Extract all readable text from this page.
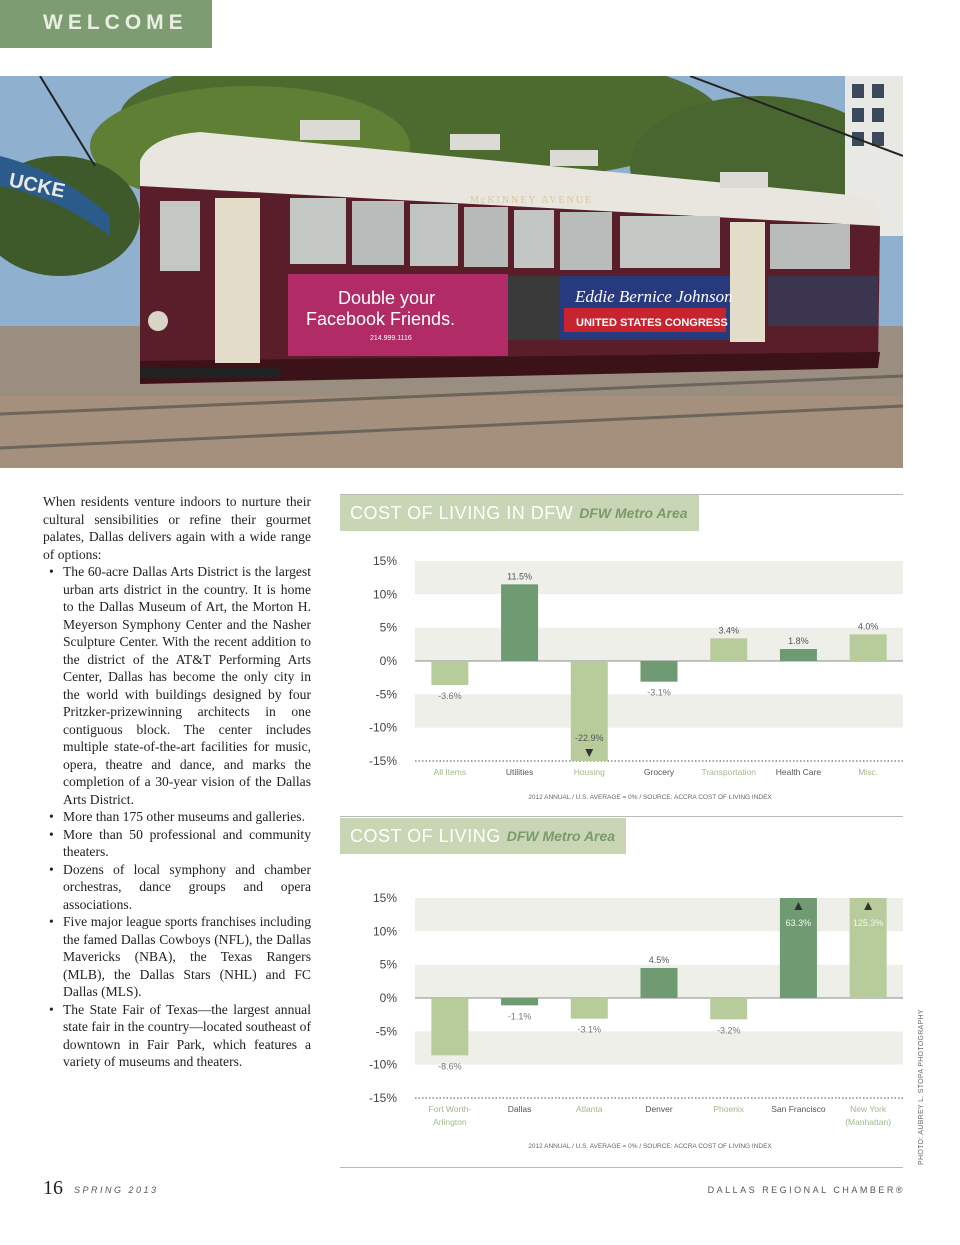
WELCOME
UCKE	McKINNEY AVENUE
Double your
Facebook Friends.
214.999.1116
Eddie Bernice Johnson
UNITED STATES CONGRESS

When residents venture indoors to nurture their cultural sensibilities or refine their gourmet palates, Dallas delivers again with a wide range of options:

• The 60-acre Dallas Arts District is the largest urban arts district in the country. It is home to the Dallas Museum of Art, the Morton H. Meyerson Symphony Center and the Nasher Sculpture Center. With the recent addition to the district of the AT&T Performing Arts Center, Dallas has become the only city in the world with buildings designed by four Pritzker-prizewinning architects in one contiguous block. The center includes multiple state-of-the-art facilities for music, opera, theatre and dance, and marks the completion of a 30-year vision of the Dallas Arts District.
• More than 175 other museums and galleries.
• More than 50 professional and community theaters.
• Dozens of local symphony and chamber orchestras, dance groups and opera associations.
• Five major league sports franchises including the famed Dallas Cowboys (NFL), the Dallas Mavericks (NBA), the Texas Rangers (MLB), the Dallas Stars (NHL) and FC Dallas (MLS).
• The State Fair of Texas—the largest annual state fair in the country—located southeast of downtown in Fair Park, which features a variety of museums and theaters.
COST OF LIVING IN DFW DFW Metro Area
15%
10%
5%
0%
-5%
-10%
-15%
-3.6%
All Items
11.5%
Utilities
-22.9%
Housing
-3.1%
Grocery
3.4%
Transportation
1.8%
Health Care
4.0%
Misc.
2012 ANNUAL / U.S. AVERAGE = 0% / SOURCE: ACCRA COST OF LIVING INDEX
COST OF LIVING DFW Metro Area
15%
10%
5%
0%
-5%
-10%
-15%
-8.6%
Fort Worth-
Arlington
-1.1%
Dallas
-3.1%
Atlanta
4.5%
Denver
-3.2%
Phoenix
63.3%
San Francisco
125.3%
New York
(Manhattan)
2012 ANNUAL / U.S. AVERAGE = 0% / SOURCE: ACCRA COST OF LIVING INDEX	PHOTO: AUBREY L. STOPA PHOTOGRAPHY
16 SPRING 2013	DALLAS REGIONAL CHAMBER®
